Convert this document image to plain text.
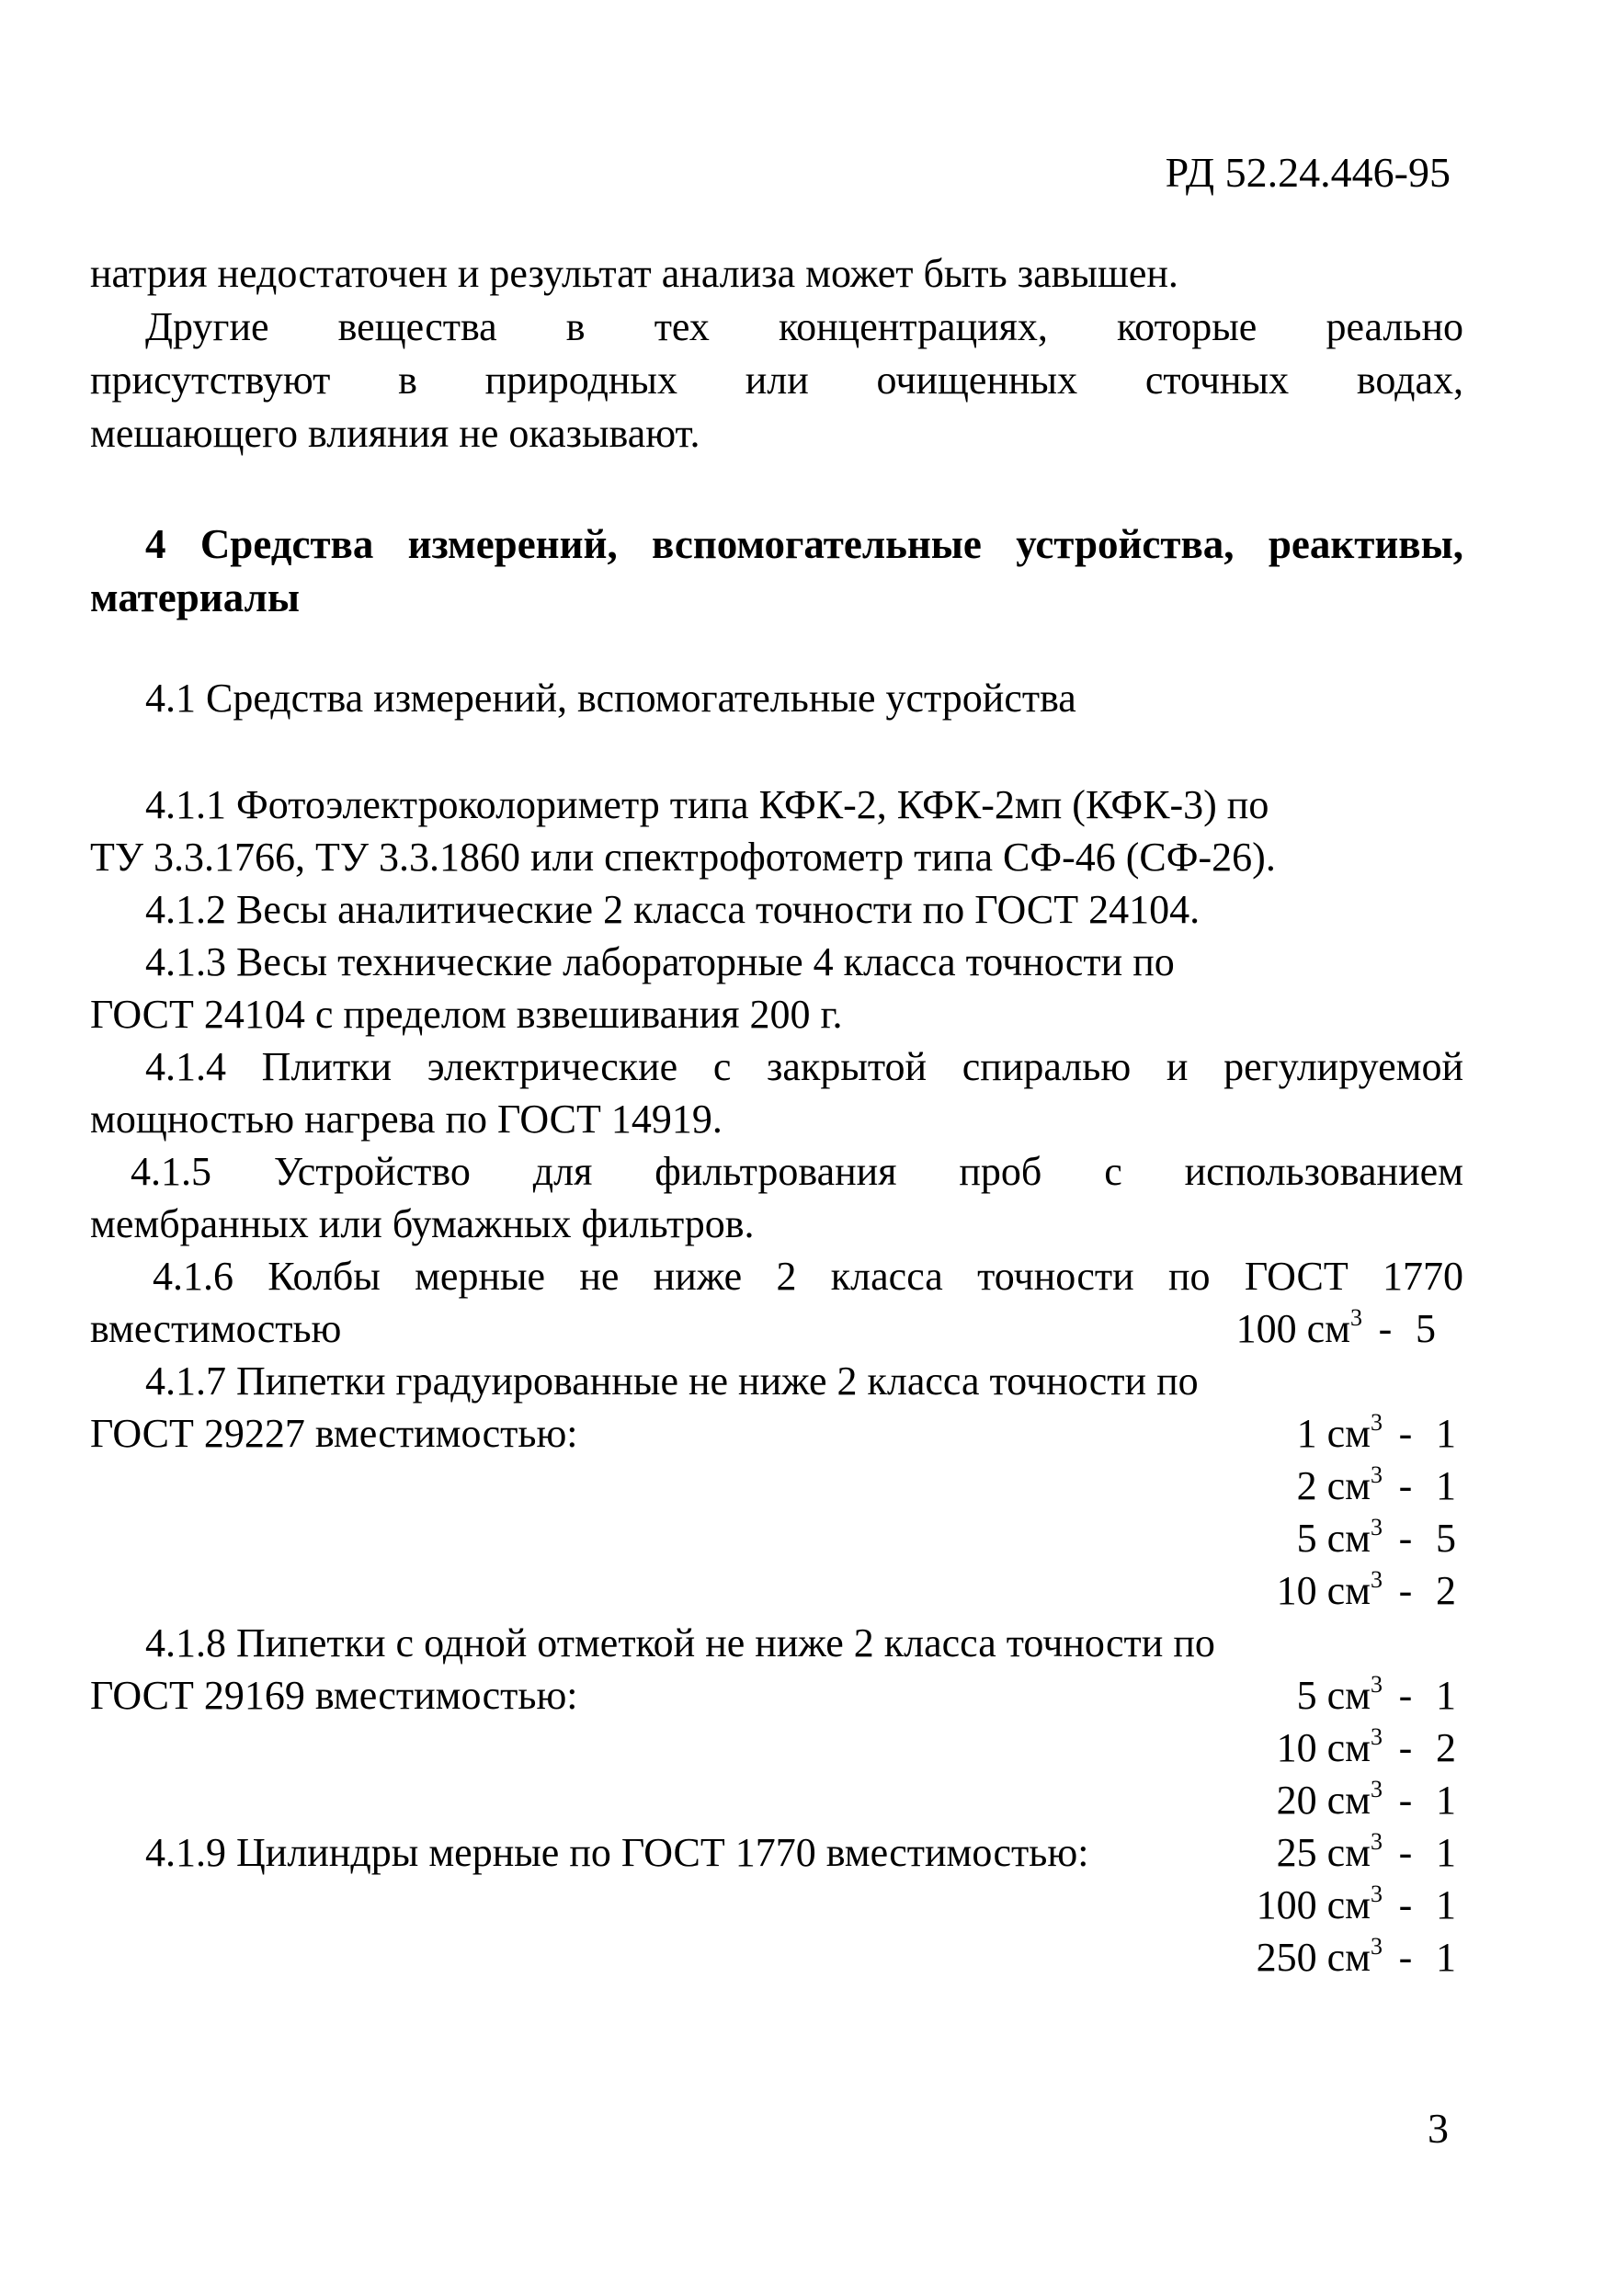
РД 52.24.446-95
натрия недостаточен и результат анализа может быть завышен.
Другие вещества в тех концентрациях, которые реально
присутствуют в природных или очищенных сточных водах,
мешающего влияния не оказывают.
4 Средства измерений, вспомогательные устройства, реактивы,
материалы
4.1 Средства измерений, вспомогательные устройства
4.1.1 Фотоэлектроколориметр типа КФК-2, КФК-2мп (КФК-3) по
ТУ 3.3.1766, ТУ 3.3.1860 или спектрофотометр типа СФ-46 (СФ-26).
4.1.2 Весы аналитические 2 класса точности по ГОСТ 24104.
4.1.3 Весы технические лабораторные 4 класса точности по
ГОСТ 24104 с пределом взвешивания 200 г.
4.1.4 Плитки электрические с закрытой спиралью и регулируемой
мощностью нагрева по ГОСТ 14919.
4.1.5 Устройство для фильтрования проб с использованием
мембранных или бумажных фильтров.
4.1.6 Колбы мерные не ниже 2 класса точности по ГОСТ 1770
вместимостью	100 $см^3 - 5$
4.1.7 Пипетки градуированные не ниже 2 класса точности по
ГОСТ 29227 вместимостью:	1 $см^3 - 1$
2 $см^3 - 1$
5 $см^3 - 5$
10 $см^3 - 2$
4.1.8 Пипетки с одной отметкой не ниже 2 класса точности по
ГОСТ 29169 вместимостью:	5 $см^3 - 1$
10 $см^3 - 2$
20 $см^3 - 1$
4.1.9 Цилиндры мерные по ГОСТ 1770 вместимостью:	25 $см^3 - 1$
100 $см^3 - 1$
250 $см^3 - 1$
3
